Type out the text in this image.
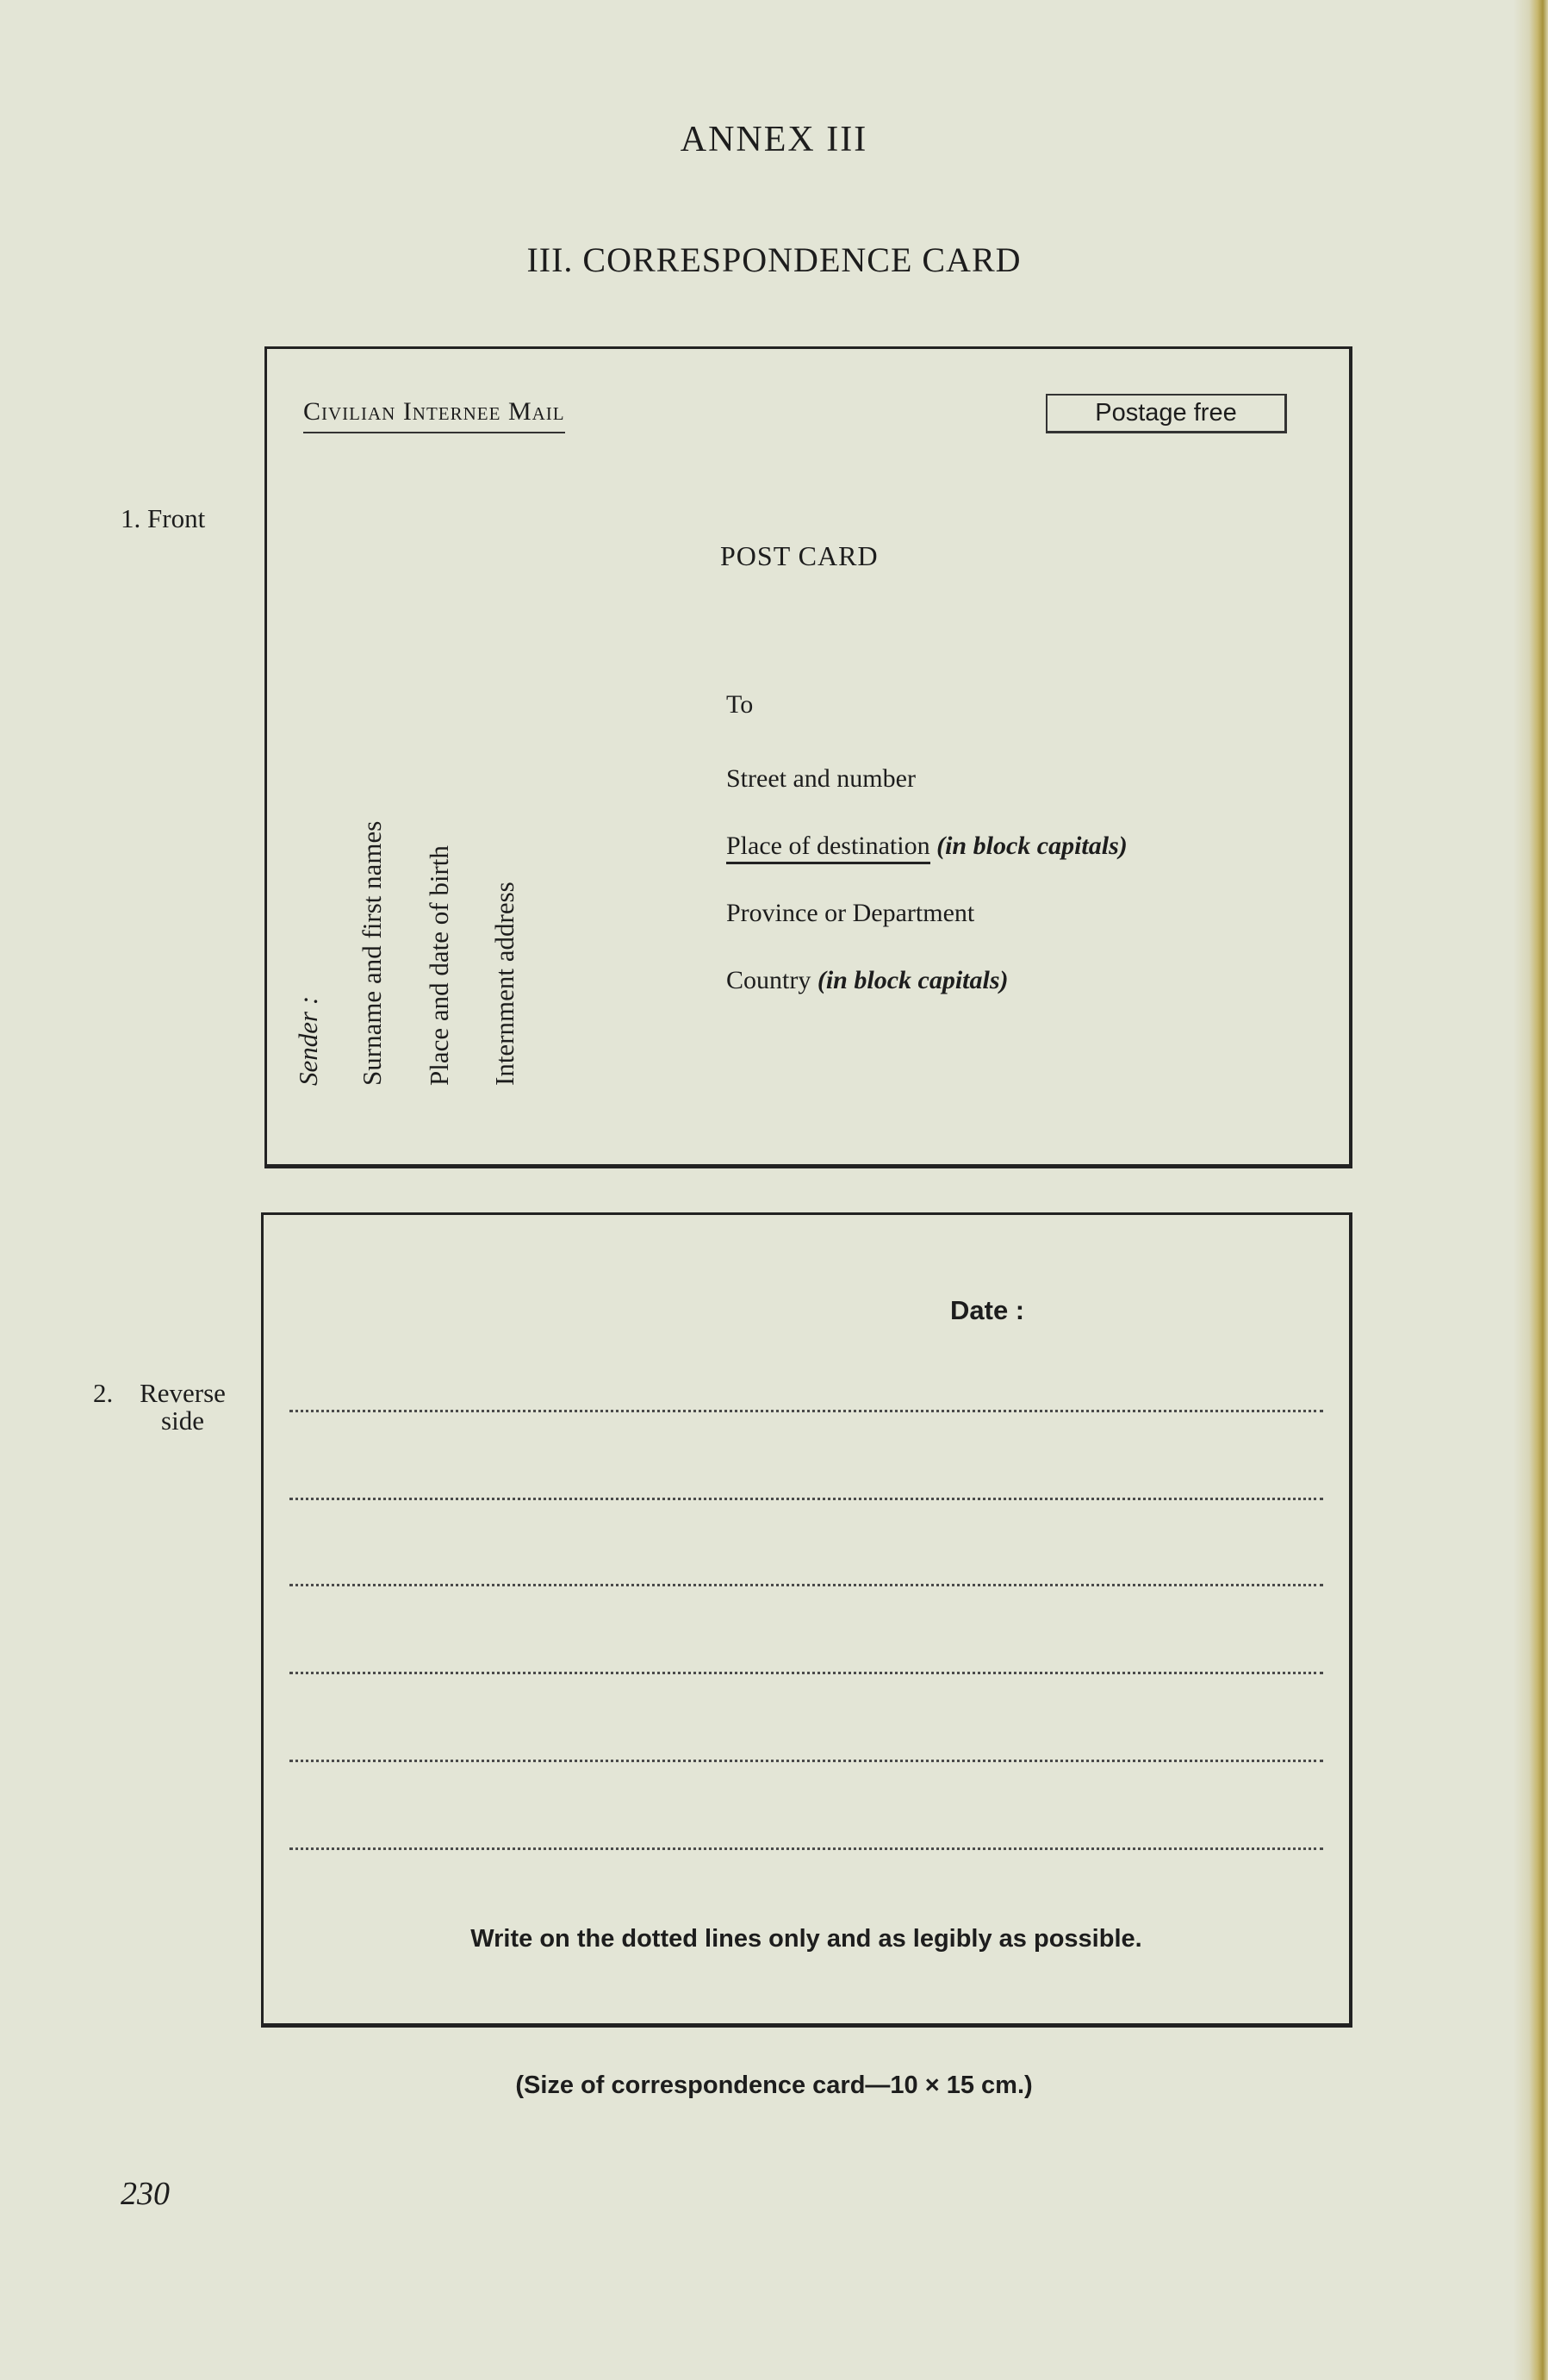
ANNEX III
III. CORRESPONDENCE CARD
1. Front
Civilian Internee Mail	Postage free
POST CARD
Sender : Surname and first names Place and date of birth Internment address
To
Street and number
Place of destination (in block capitals)
Province or Department
Country (in block capitals)
2. Reverse side
Date :
Write on the dotted lines only and as legibly as possible.
(Size of correspondence card—10 × 15 cm.)
230
